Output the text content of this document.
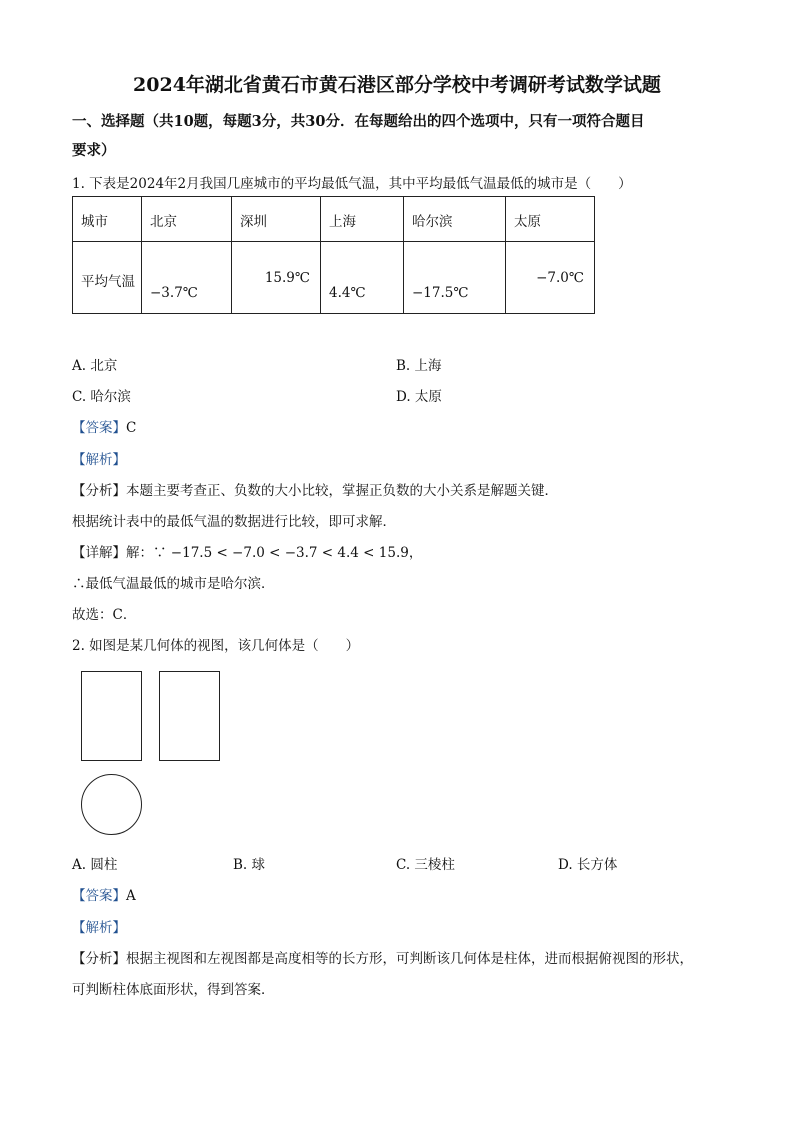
2024年湖北省黄石市黄石港区部分学校中考调研考试数学试题
一、选择题（共10题，每题3分，共30分．在每题给出的四个选项中，只有一项符合题目
要求）
1. 下表是2024年2月我国几座城市的平均最低气温，其中平均最低气温最低的城市是（　　）
城市	北京	深圳	上海	哈尔滨	太原

平均气温	−3.7℃	15.9℃	4.4℃	−17.5℃	−7.0℃
A. 北京	B. 上海
C. 哈尔滨	D. 太原
【答案】C
【解析】
【分析】本题主要考查正、负数的大小比较，掌握正负数的大小关系是解题关键．
根据统计表中的最低气温的数据进行比较，即可求解．
【详解】解：∵ −17.5 < −7.0 < −3.7 < 4.4 < 15.9，
∴最低气温最低的城市是哈尔滨．
故选：C．
2. 如图是某几何体的视图，该几何体是（　　）
A. 圆柱	B. 球	C. 三棱柱	D. 长方体
【答案】A
【解析】
【分析】根据主视图和左视图都是高度相等的长方形，可判断该几何体是柱体，进而根据俯视图的形状，
可判断柱体底面形状，得到答案．
